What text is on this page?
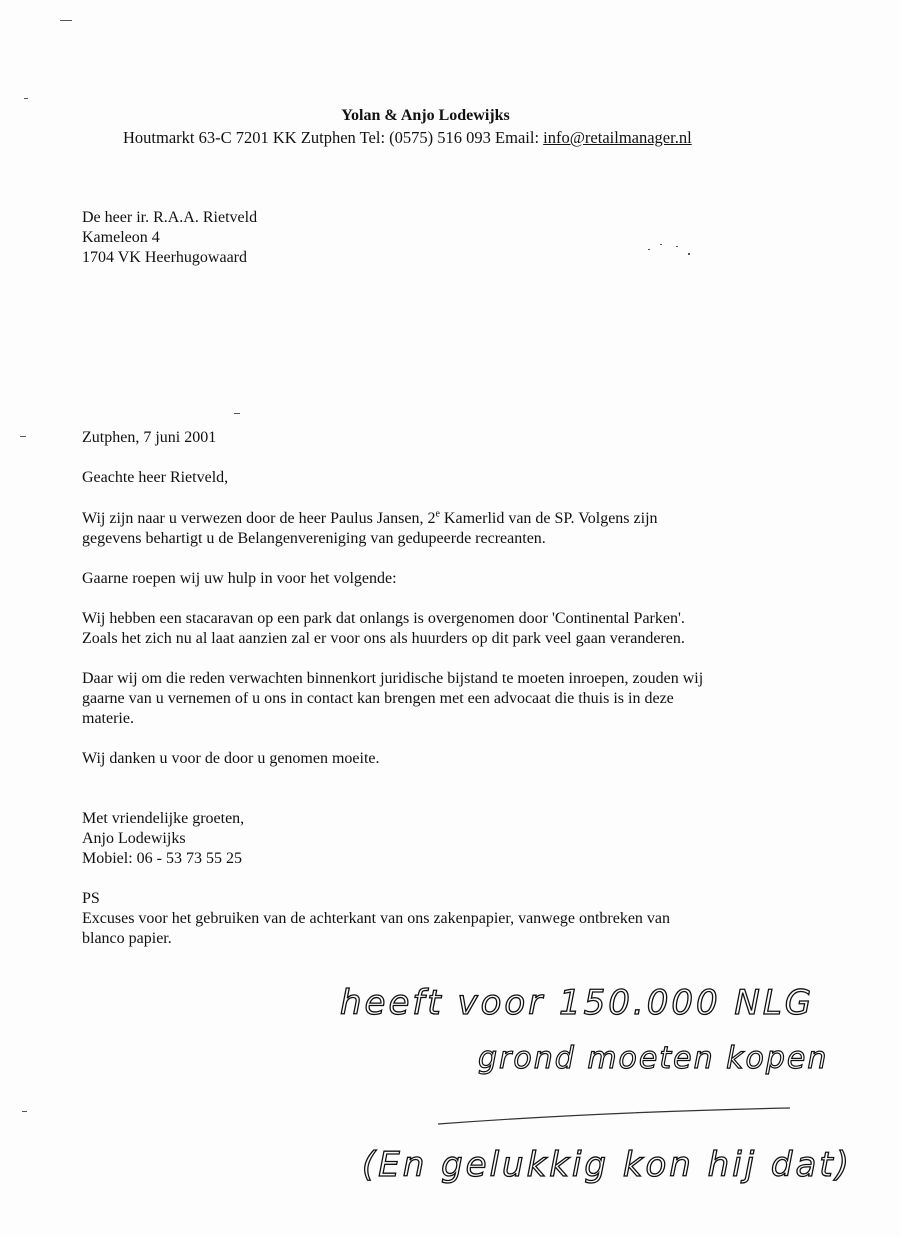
Yolan & Anjo Lodewijks
Houtmarkt 63-C 7201 KK Zutphen Tel: (0575) 516 093 Email: info@retailmanager.nl
De heer ir. R.A.A. Rietveld
Kameleon 4
1704 VK Heerhugowaard
Zutphen, 7 juni 2001
Geachte heer Rietveld,
Wij zijn naar u verwezen door de heer Paulus Jansen, 2e Kamerlid van de SP. Volgens zijn
gegevens behartigt u de Belangenvereniging van gedupeerde recreanten.
Gaarne roepen wij uw hulp in voor het volgende:
Wij hebben een stacaravan op een park dat onlangs is overgenomen door 'Continental Parken'.
Zoals het zich nu al laat aanzien zal er voor ons als huurders op dit park veel gaan veranderen.
Daar wij om die reden verwachten binnenkort juridische bijstand te moeten inroepen, zouden wij
gaarne van u vernemen of u ons in contact kan brengen met een advocaat die thuis is in deze
materie.
Wij danken u voor de door u genomen moeite.
Met vriendelijke groeten,
Anjo Lodewijks
Mobiel: 06 - 53 73 55 25
PS
Excuses voor het gebruiken van de achterkant van ons zakenpapier, vanwege ontbreken van
blanco papier.
heeft voor 150.000 NLG
grond moeten kopen
(En gelukkig kon hij dat)
